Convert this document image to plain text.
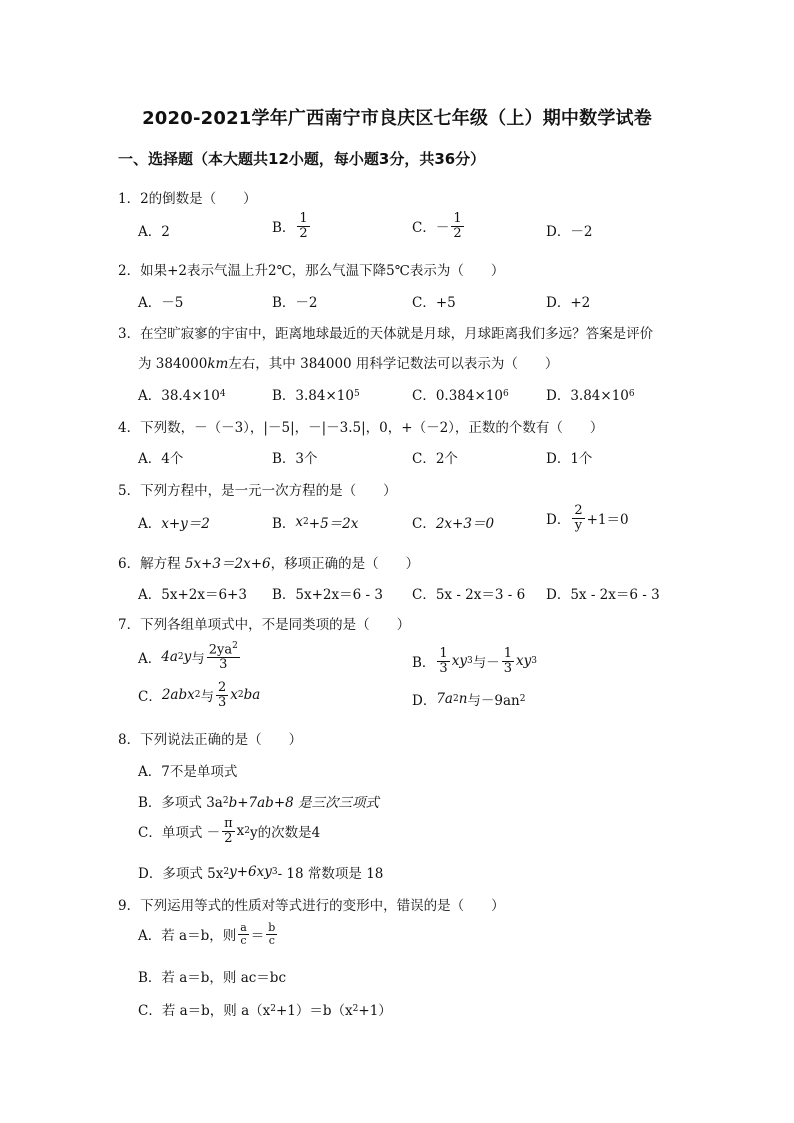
2020-2021学年广西南宁市良庆区七年级（上）期中数学试卷
一、选择题（本大题共12小题，每小题3分，共36分）
1．2的倒数是（　　）
A．2	B． $\frac{1}{2}$	C．－ $\frac{1}{2}$	D．－2
2．如果+2表示气温上升2℃，那么气温下降5℃表示为（　　）
A．－5	B．－2	C．+5	D．+2
3．在空旷寂寥的宇宙中，距离地球最近的天体就是月球，月球距离我们多远？答案是评价
为 384000km左右，其中 384000 用科学记数法可以表示为（　　）
A．38.4×10 4	B．3.84×10 5	C．0.384×10 6	D．3.84×10 6
4．下列数，－（－3），|－5|，－|－3.5|，0，+（－2），正数的个数有（　　）
A．4个	B．3个	C．2个	D．1个
5．下列方程中，是一元一次方程的是（　　）
A． x+y＝2	B． x 2 +5＝2x	C． 2x+3＝0	D． $\frac{2}{y} +1=0$
6．解方程 5x+3＝2x+6，移项正确的是（　　）
A．5x+2x＝6+3 B．5x+2x＝6 - 3 C．5x - 2x＝3 - 6 D．5x - 2x＝6 - 3
7．下列各组单项式中，不是同类项的是（　　）
A． 4a 2 y 与 $\frac{2ya^2}{3}$	B． $\frac{1}{3}$ xy 3 与－ $\frac{1}{3}$ xy 3
C． 2abx 2 与 $\frac{2}{3}$ x 2 ba	D． 7a 2 n 与－9an 2
8．下列说法正确的是（　　）
A．7不是单项式
B．多项式 3a 2 b+7ab+8 是三次三项式
C．单项式 － $\frac{\pi}{2}$ x 2 y的次数是4
D．多项式 5x 2 y+6xy 3 - 18 常数项是 18
9．下列运用等式的性质对等式进行的变形中，错误的是（　　）
A．若 a＝b，则 $\frac{a}{c} = \frac{b}{c}$
B．若 a＝b，则 ac＝bc
C．若 a＝b，则 a（x 2 +1）＝b（x 2 +1）
